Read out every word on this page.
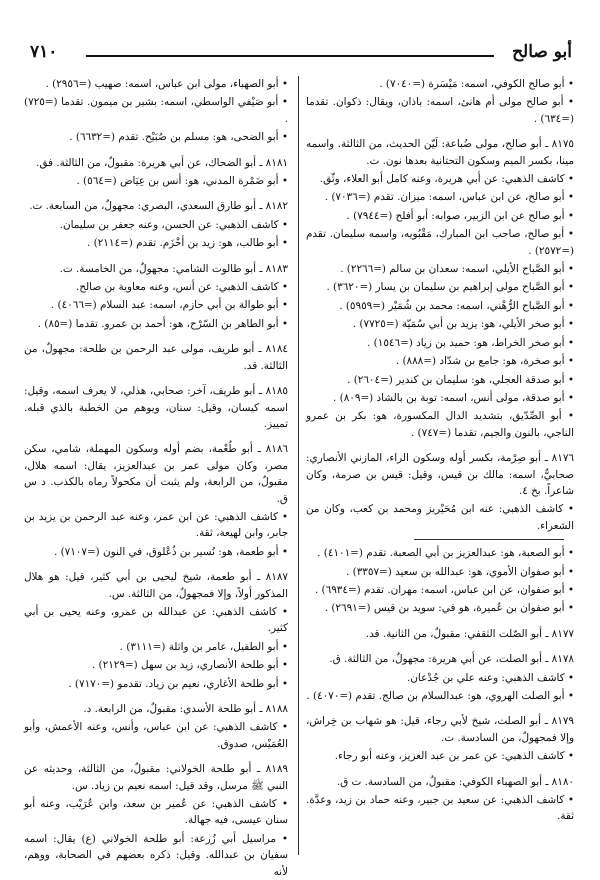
أبو صالح
٧١٠
• أبو صالح الكوفي، اسمه: مَيْسَرة (=٧٠٤٠) .
• أبو صالح مولى أم هانئ، اسمه: باذان، ويقال: ذكوان. تقدما (=٦٣٤) .
٨١٧٥ ـ أبو صالح، مولى ضُباعة: لَيّن الحديث، من الثالثة. واسمه مينا، بكسر الميم وسكون التحتانية بعدها نون. ت.
• كاشف الذهبي: عن أبي هريرة، وعنه كامل أبو العلاء، وثّق.
• أبو صالح، عن ابن عباس، اسمه: ميزان. تقدم (=٧٠٣٦) .
• أبو صالح عن ابن الزبير، صوابه: أبو أفلح (=٧٩٤٤) .
• أبو صالح، صاحب ابن المبارك، مَقْبُويه، واسمه سليمان. تقدم (=٢٥٧٢) .
• أبو الصَّباح الأيلي، اسمه: سعدان بن سالم (=٢٢٦٦) .
• أبو الصَّباح مولى إبراهيم بن سليمان بن يسار (=٣٦٢٠) .
• أبو الصَّباح الرُّهْني، اسمه: محمد بن شُمَيْر (=٥٩٥٩) .
• أبو صخر الأيلي، هو: يزيد بن أبي سُمَيّة (=٧٧٢٥) .
• أبو صخر الخراط، هو: حميد بن زياد (=١٥٤٦) .
• أبو صخرة، هو: جامع بن شدّاد (=٨٨٨) .
• أبو صدقة العجلي، هو: سليمان بن كندير (=٢٦٠٤) .
• أبو صدقة، مولى أنس، اسمه: توبة بن بالشاد (=٨٠٩) .
• أبو الصِّدّيق، بتشديد الدال المكسورة، هو: بكر بن عمرو الناجي، بالنون والجيم، تقدما (=٧٤٧) .
٨١٧٦ ـ أبو صِرْمة، بكسر أوله وسكون الراء، المازني الأنصاري: صحابيٌّ، اسمه: مالك بن قيس، وقيل: قيس بن صرمة، وكان شاعراً. بخ ٤.
• كاشف الذهبي: عنه ابن مُحَيْريز ومحمد بن كعب، وكان من الشعراء.
• أبو الصعبة، هو: عبدالعزيز بن أبي الصعبة. تقدم (=٤١٠١) .
• أبو صفوان الأموي، هو: عبدالله بن سعيد (=٣٣٥٧) .
• أبو صفوان، عن ابن عباس، اسمه: مهران. تقدم (=٦٩٣٤) .
• أبو صفوان بن عُميرة، هو في: سويد بن قيس (=٢٦٩١) .
٨١٧٧ ـ أبو الصّلت الثقفي: مقبولٌ، من الثانية. قد.
٨١٧٨ ـ أبو الصلت، عن أبي هريرة: مجهولٌ، من الثالثة. ق.
• كاشف الذهبي: وعنه علي بن جُدْعان.
• أبو الصلت الهروي، هو: عبدالسلام بن صالح. تقدم (=٤٠٧٠) .
٨١٧٩ ـ أبو الصلت، شيخ لأبي رجاء، قيل: هو شهاب بن خِراش، وإلا فمجهولٌ، من السادسة. ت.
• كاشف الذهبي: عن عمر بن عبد العزيز، وعنه أبو رجاء.
٨١٨٠ ـ أبو الصهباء الكوفي: مقبولٌ، من السادسة. ت ق.
• كاشف الذهبي: عن سعيد بن جبير، وعنه حماد بن زيد، وعدَّة. ثقة.
• أبو الصهباء، مولى ابن عباس، اسمه: صهيب (=٢٩٥٦) .
• أبو صَيْفي الواسطي، اسمه: بشير بن ميمون. تقدما (=٧٢٥) .
• أبو الضحى، هو: مسلم بن صُبَيْح. تقدم (=٦٦٣٢) .
٨١٨١ ـ أبو الضحاك، عن أبي هريرة: مقبولٌ، من الثالثة. فق.
• أبو ضَمْرة المدني، هو: أنس بن عِيَاض (=٥٦٤) .
٨١٨٢ ـ أبو طارق السعدي، البصري: مجهولٌ، من السابعة. ت.
• كاشف الذهبي: عن الحسن، وعنه جعفر بن سليمان.
• أبو طالب، هو: زيد بن أخْزَم. تقدم (=٢١١٤) .
٨١٨٣ ـ أبو طالوت الشامي: مجهولٌ، من الخامسة. ت.
• كاشف الذهبي: عن أنس، وعنه معاوية بن صالح.
• أبو طوالة بن أبي حازم، اسمه: عبد السلام (=٤٠٦٦) .
• أبو الطاهر بن السّرْح، هو: أحمد بن عمرو. تقدما (=٨٥) .
٨١٨٤ ـ أبو طريف، مولى عبد الرحمن بن طلحة: مجهولٌ، من الثالثة. قد.
٨١٨٥ ـ أبو طريف، آخر: صحابي، هذلي، لا يعرف اسمه، وقيل: اسمه كيسان، وقيل: سنان، ويوهم من الخطبة بالذي قبله. تمييز.
٨١٨٦ ـ أبو طُعْمة، بضم أوله وسكون المهملة، شامي، سكن مصر، وكان مولى عمر بن عبدالعزيز، يقال: اسمه هلال، مقبولٌ، من الرابعة، ولم يثبت أن مكحولاً رماه بالكذب. د س ق.
• كاشف الذهبي: عن ابن عمر، وعنه عبد الرحمن بن يزيد بن جابر، وابن لهيعة، ثقة.
• أبو طعمة، هو: نُسير بن ذُعْلوق، في النون (=٧١٠٧) .
٨١٨٧ ـ أبو طعمة، شيخ ليحيى بن أبي كثير، قيل: هو هلال المذكور أولاً، وإلا فمجهولٌ، من الثالثة. س.
• كاشف الذهبي: عن عبدالله بن عمرو، وعنه يحيى بن أبي كثير.
• أبو الطفيل، عامر بن واثلة (=٣١١١) .
• أبو طلحة الأنصاري، زيد بن سهل (=٢١٢٩) .
• أبو طلحة الأغاري، نعيم بن زياد. تقدمو (=٧١٧٠) .
٨١٨٨ ـ أبو طلحة الأسدي: مقبولٌ، من الرابعة. د.
• كاشف الذهبي: عن ابن عباس، وأنس، وعنه الأعمش، وأبو العُمَيْس، صدوق.
٨١٨٩ ـ أبو طلحة الخولاني: مقبولٌ، من الثالثة، وحديثه عن النبي ﷺ مرسل، وقد قيل: اسمه نعيم بن زياد. س.
• كاشف الذهبي: عن عُمير بن سعد، وابن عُرَيْب، وعنه أبو سنان عيسى، فيه جهالة.
• مراسيل أبي زُرعة: أبو طلحة الخولاني (ع) يقال: اسمه سفيان بن عبدالله. وقيل: ذكره بعضهم في الصحابة، ووهم، لأنه
